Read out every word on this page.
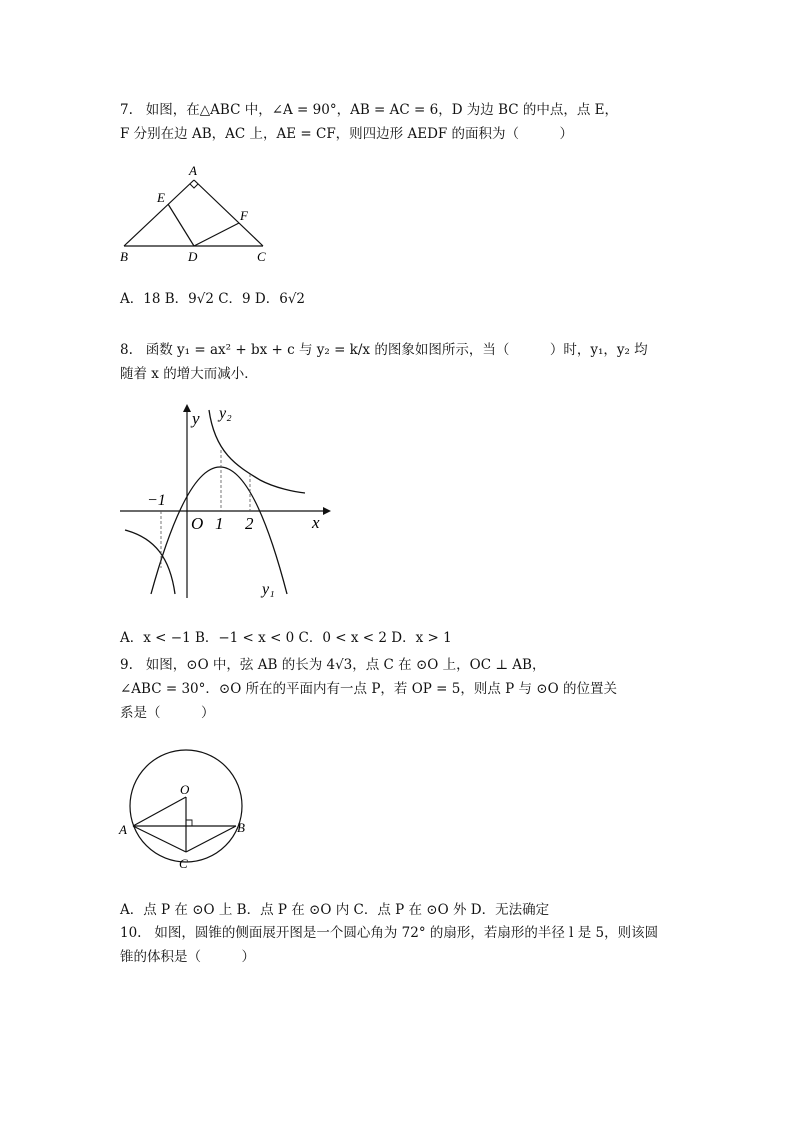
7. 如图，在△ABC 中，∠A = 90°，AB = AC = 6，D 为边 BC 的中点，点 E，

F 分别在边 AB，AC 上，AE = CF，则四边形 AEDF 的面积为（　　　）

A
E
F
B	D	C
A．18 B．9√2 C．9 D．6√2

8. 函数 y₁ = ax² + bx + c 与 y₂ = k/x 的图象如图所示，当（　　　）时，y₁，y₂ 均

随着 x 的增大而减小．

y y₂
−1
O 1 2	x
y₁
A．x < −1 B．−1 < x < 0 C．0 < x < 2 D．x > 1

9. 如图，⊙O 中，弦 AB 的长为 4√3，点 C 在 ⊙O 上，OC ⊥ AB，

∠ABC = 30°．⊙O 所在的平面内有一点 P，若 OP = 5，则点 P 与 ⊙O 的位置关

系是（　　　）

O
A	B
C
A．点 P 在 ⊙O 上 B．点 P 在 ⊙O 内 C．点 P 在 ⊙O 外 D．无法确定

10. 如图，圆锥的侧面展开图是一个圆心角为 72° 的扇形，若扇形的半径 l 是 5，则该圆

锥的体积是（　　　）
